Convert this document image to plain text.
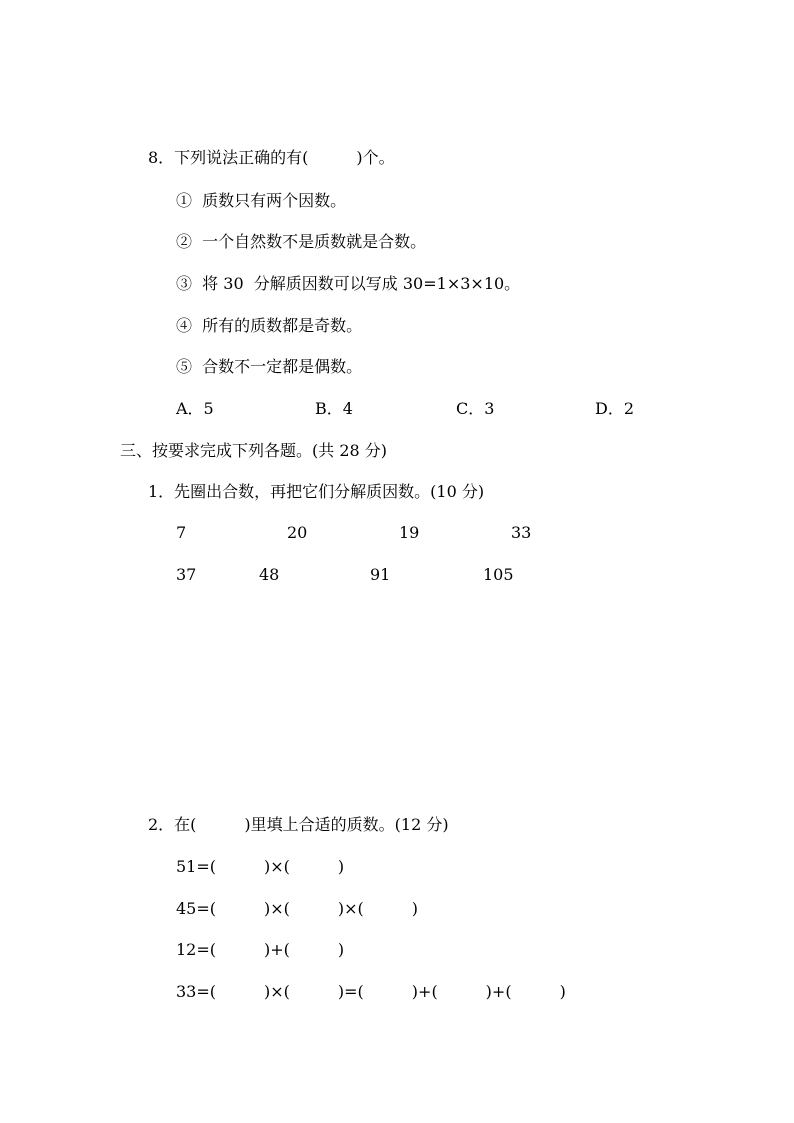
8．下列说法正确的有(　　　)个。
①  质数只有两个因数。
②  一个自然数不是质数就是合数。
③  将 30  分解质因数可以写成 30=1×3×10。
④  所有的质数都是奇数。
⑤  合数不一定都是偶数。
A．5	B．4	C．3	D．2
三、按要求完成下列各题。(共 28 分)
1．先圈出合数，再把它们分解质因数。(10 分)
7	20	19	33
37	48	91	105
2．在(　　　)里填上合适的质数。(12 分)
51=(　　　)×(　　　)
45=(　　　)×(　　　)×(　　　)
12=(　　　)+(　　　)
33=(　　　)×(　　　)=(　　　)+(　　　)+(　　　)
